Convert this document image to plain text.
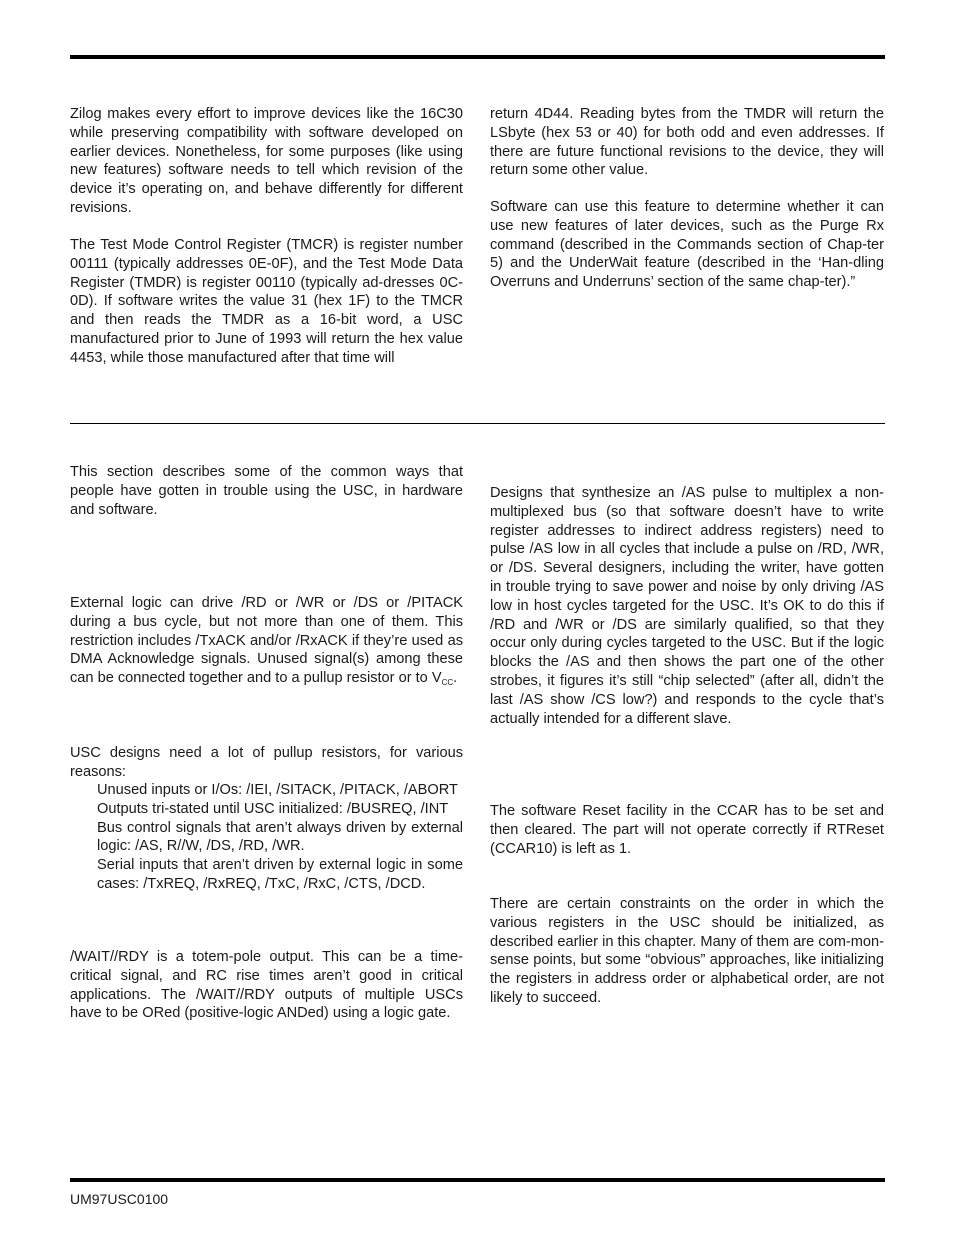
Zilog makes every effort to improve devices like the 16C30 while preserving compatibility with software developed on earlier devices. Nonetheless, for some purposes (like using new features) software needs to tell which revision of the device it’s operating on, and behave differently for different revisions.

The Test Mode Control Register (TMCR) is register number 00111 (typically addresses 0E-0F), and the Test Mode Data Register (TMDR) is register 00110 (typically ad-dresses 0C-0D). If software writes the value 31 (hex 1F) to the TMCR and then reads the TMDR as a 16-bit word, a USC manufactured prior to June of 1993 will return the hex value 4453, while those manufactured after that time will

return 4D44. Reading bytes from the TMDR will return the LSbyte (hex 53 or 40) for both odd and even addresses. If there are future functional revisions to the device, they will return some other value.

Software can use this feature to determine whether it can use new features of later devices, such as the Purge Rx command (described in the Commands section of Chap-ter 5) and the UnderWait feature (described in the ‘Han-dling Overruns and Underruns’ section of the same chap-ter).”

This section describes some of the common ways that people have gotten in trouble using the USC, in hardware and software.

External logic can drive /RD or /WR or /DS or /PITACK during a bus cycle, but not more than one of them. This restriction includes /TxACK and/or /RxACK if they’re used as DMA Acknowledge signals. Unused signal(s) among these can be connected together and to a pullup resistor or to $V_{CC}$.

USC designs need a lot of pullup resistors, for various reasons:

Unused inputs or I/Os: /IEI, /SITACK, /PITACK, /ABORT
Outputs tri-stated until USC initialized: /BUSREQ, /INT
Bus control signals that aren’t always driven by external logic: /AS, R//W, /DS, /RD, /WR.
Serial inputs that aren’t driven by external logic in some cases: /TxREQ, /RxREQ, /TxC, /RxC, /CTS, /DCD.

/WAIT//RDY is a totem-pole output. This can be a time-critical signal, and RC rise times aren’t good in critical applications. The /WAIT//RDY outputs of multiple USCs have to be ORed (positive-logic ANDed) using a logic gate.

Designs that synthesize an /AS pulse to multiplex a non-multiplexed bus (so that software doesn’t have to write register addresses to indirect address registers) need to pulse /AS low in all cycles that include a pulse on /RD, /WR, or /DS. Several designers, including the writer, have gotten in trouble trying to save power and noise by only driving /AS low in host cycles targeted for the USC. It’s OK to do this if /RD and /WR or /DS are similarly qualified, so that they occur only during cycles targeted to the USC. But if the logic blocks the /AS and then shows the part one of the other strobes, it figures it’s still “chip selected” (after all, didn’t the last /AS show /CS low?) and responds to the cycle that’s actually intended for a different slave.

The software Reset facility in the CCAR has to be set and then cleared. The part will not operate correctly if RTReset (CCAR10) is left as 1.

There are certain constraints on the order in which the various registers in the USC should be initialized, as described earlier in this chapter. Many of them are com-mon-sense points, but some “obvious” approaches, like initializing the registers in address order or alphabetical order, are not likely to succeed.

UM97USC0100
